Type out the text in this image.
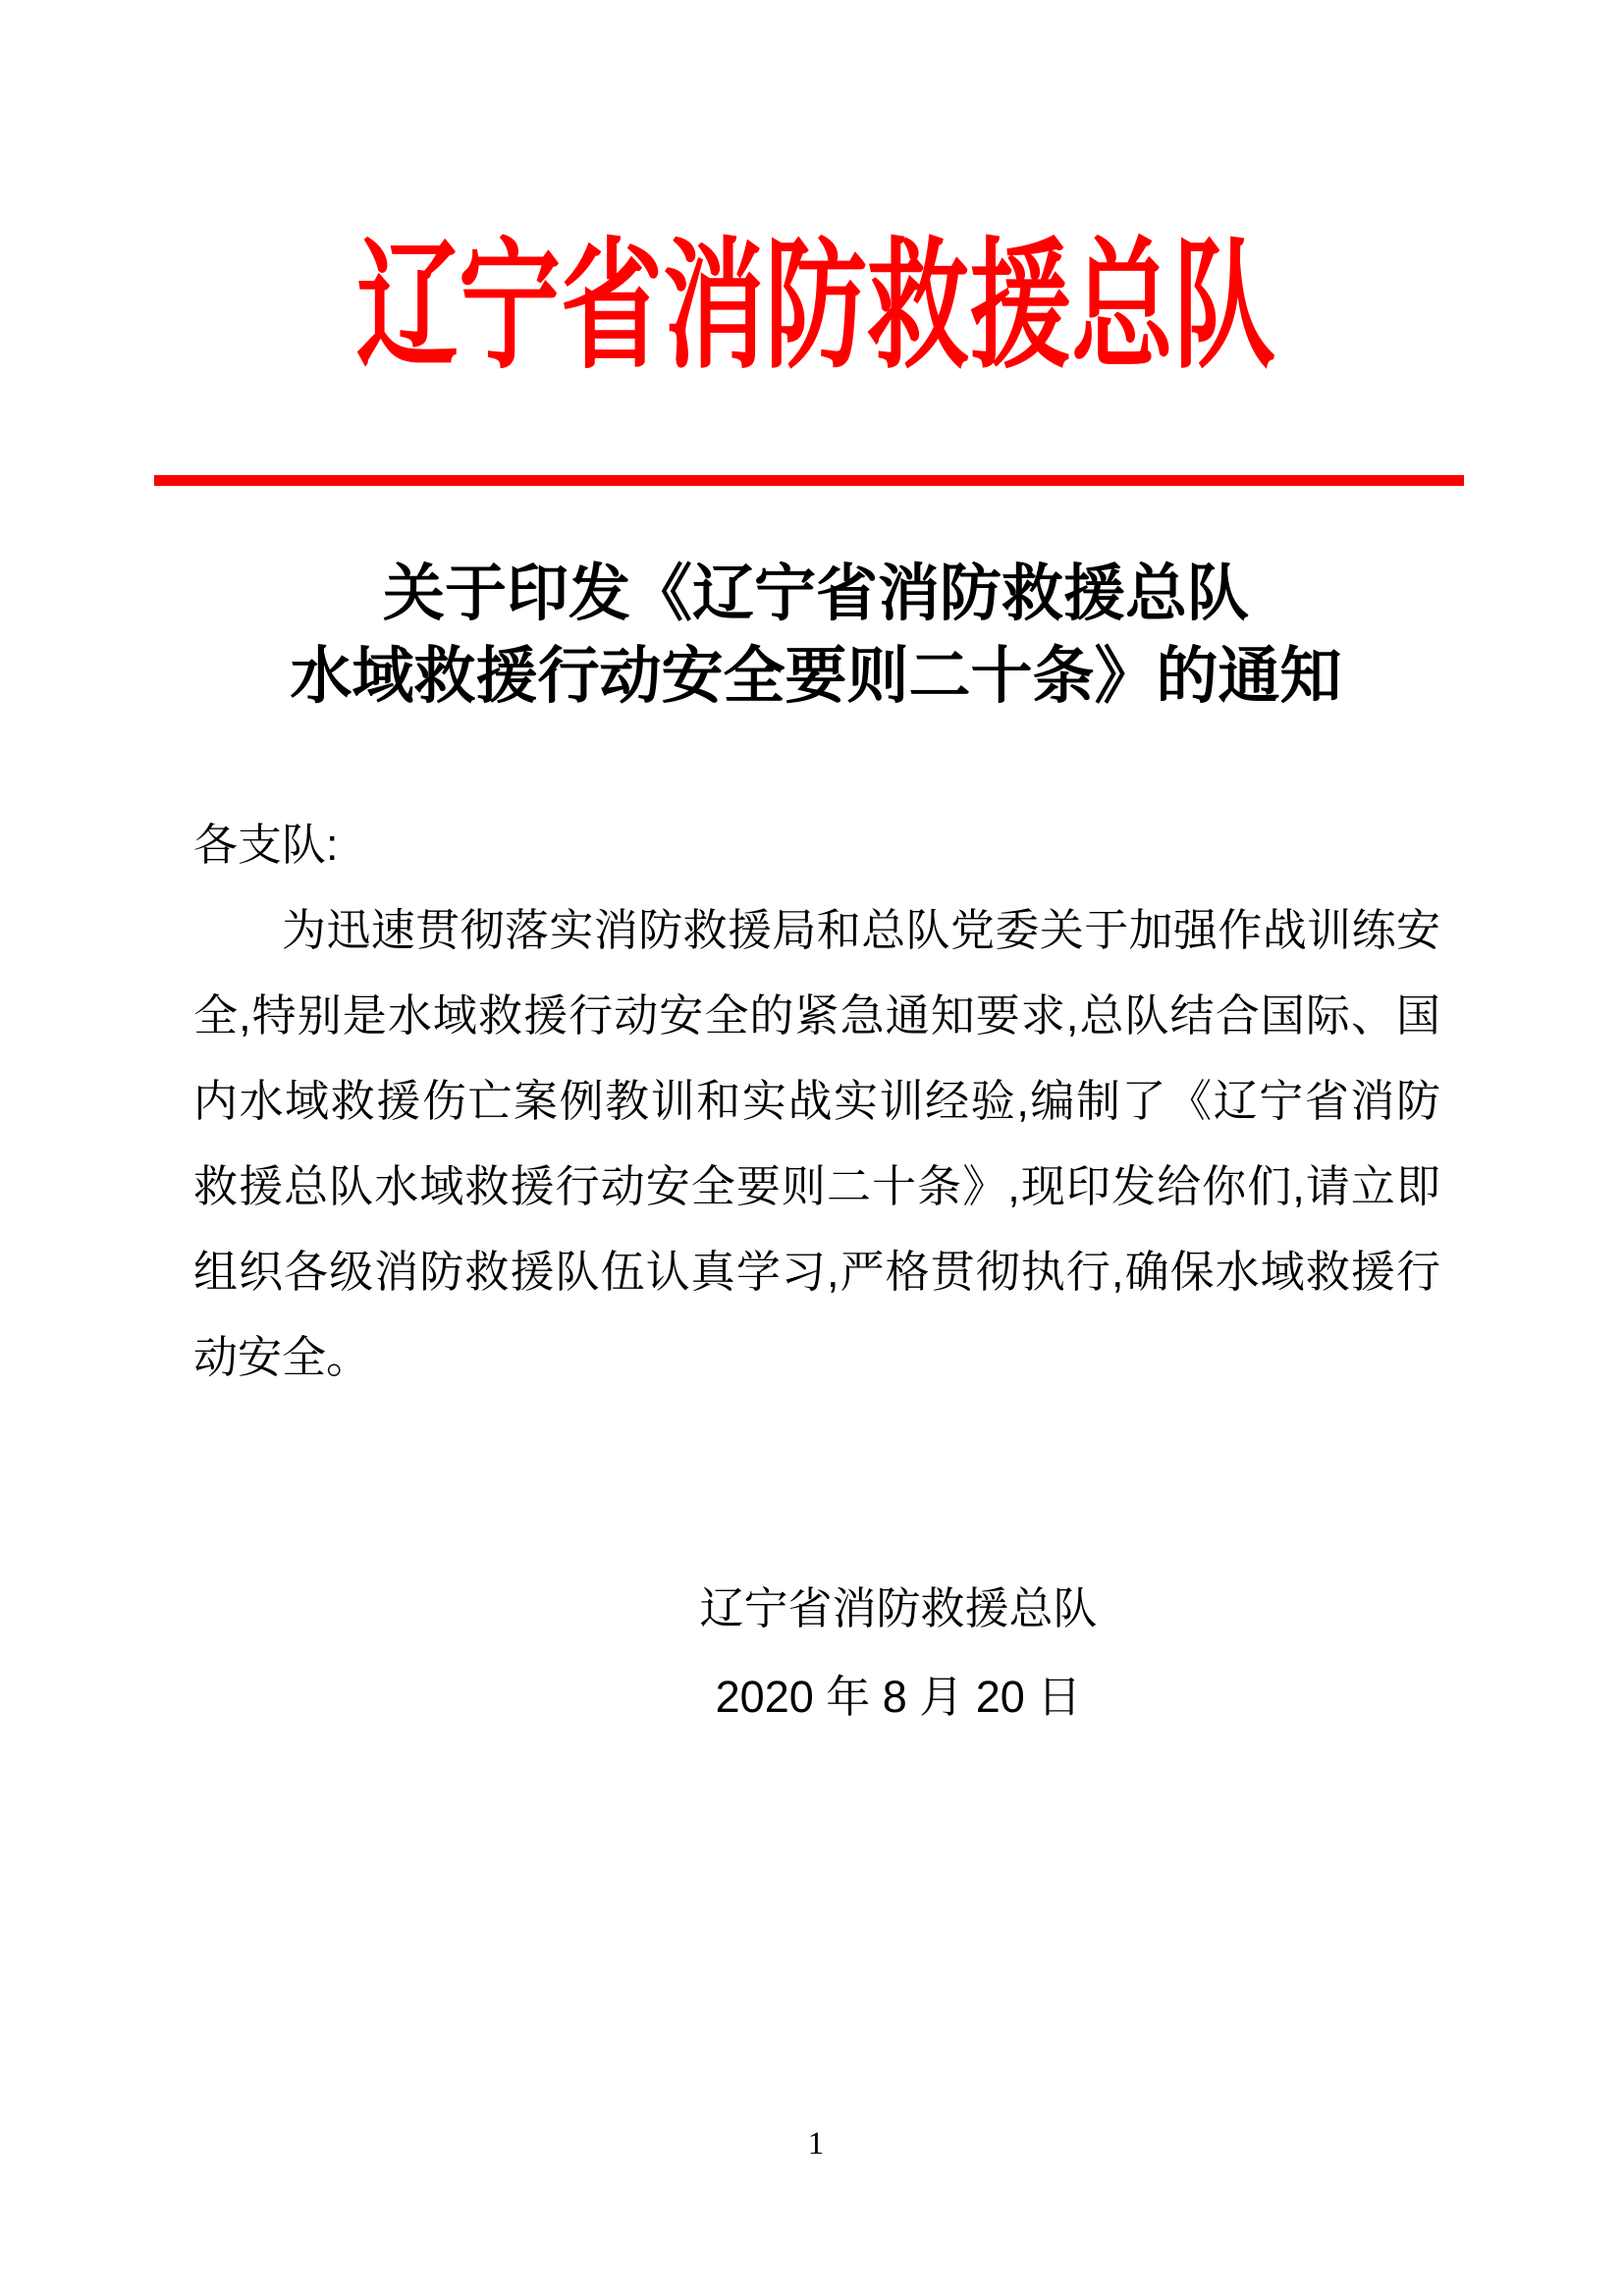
辽宁省消防救援总队
关于印发《辽宁省消防救援总队
水域救援行动安全要则二十条》的通知

各支队:

为迅速贯彻落实消防救援局和总队党委关于加强作战训练安全,特别是水域救援行动安全的紧急通知要求,总队结合国际、国内水域救援伤亡案例教训和实战实训经验,编制了《辽宁省消防救援总队水域救援行动安全要则二十条》,现印发给你们,请立即组织各级消防救援队伍认真学习,严格贯彻执行,确保水域救援行动安全。

辽宁省消防救援总队
2020 年 8 月 20 日
1
